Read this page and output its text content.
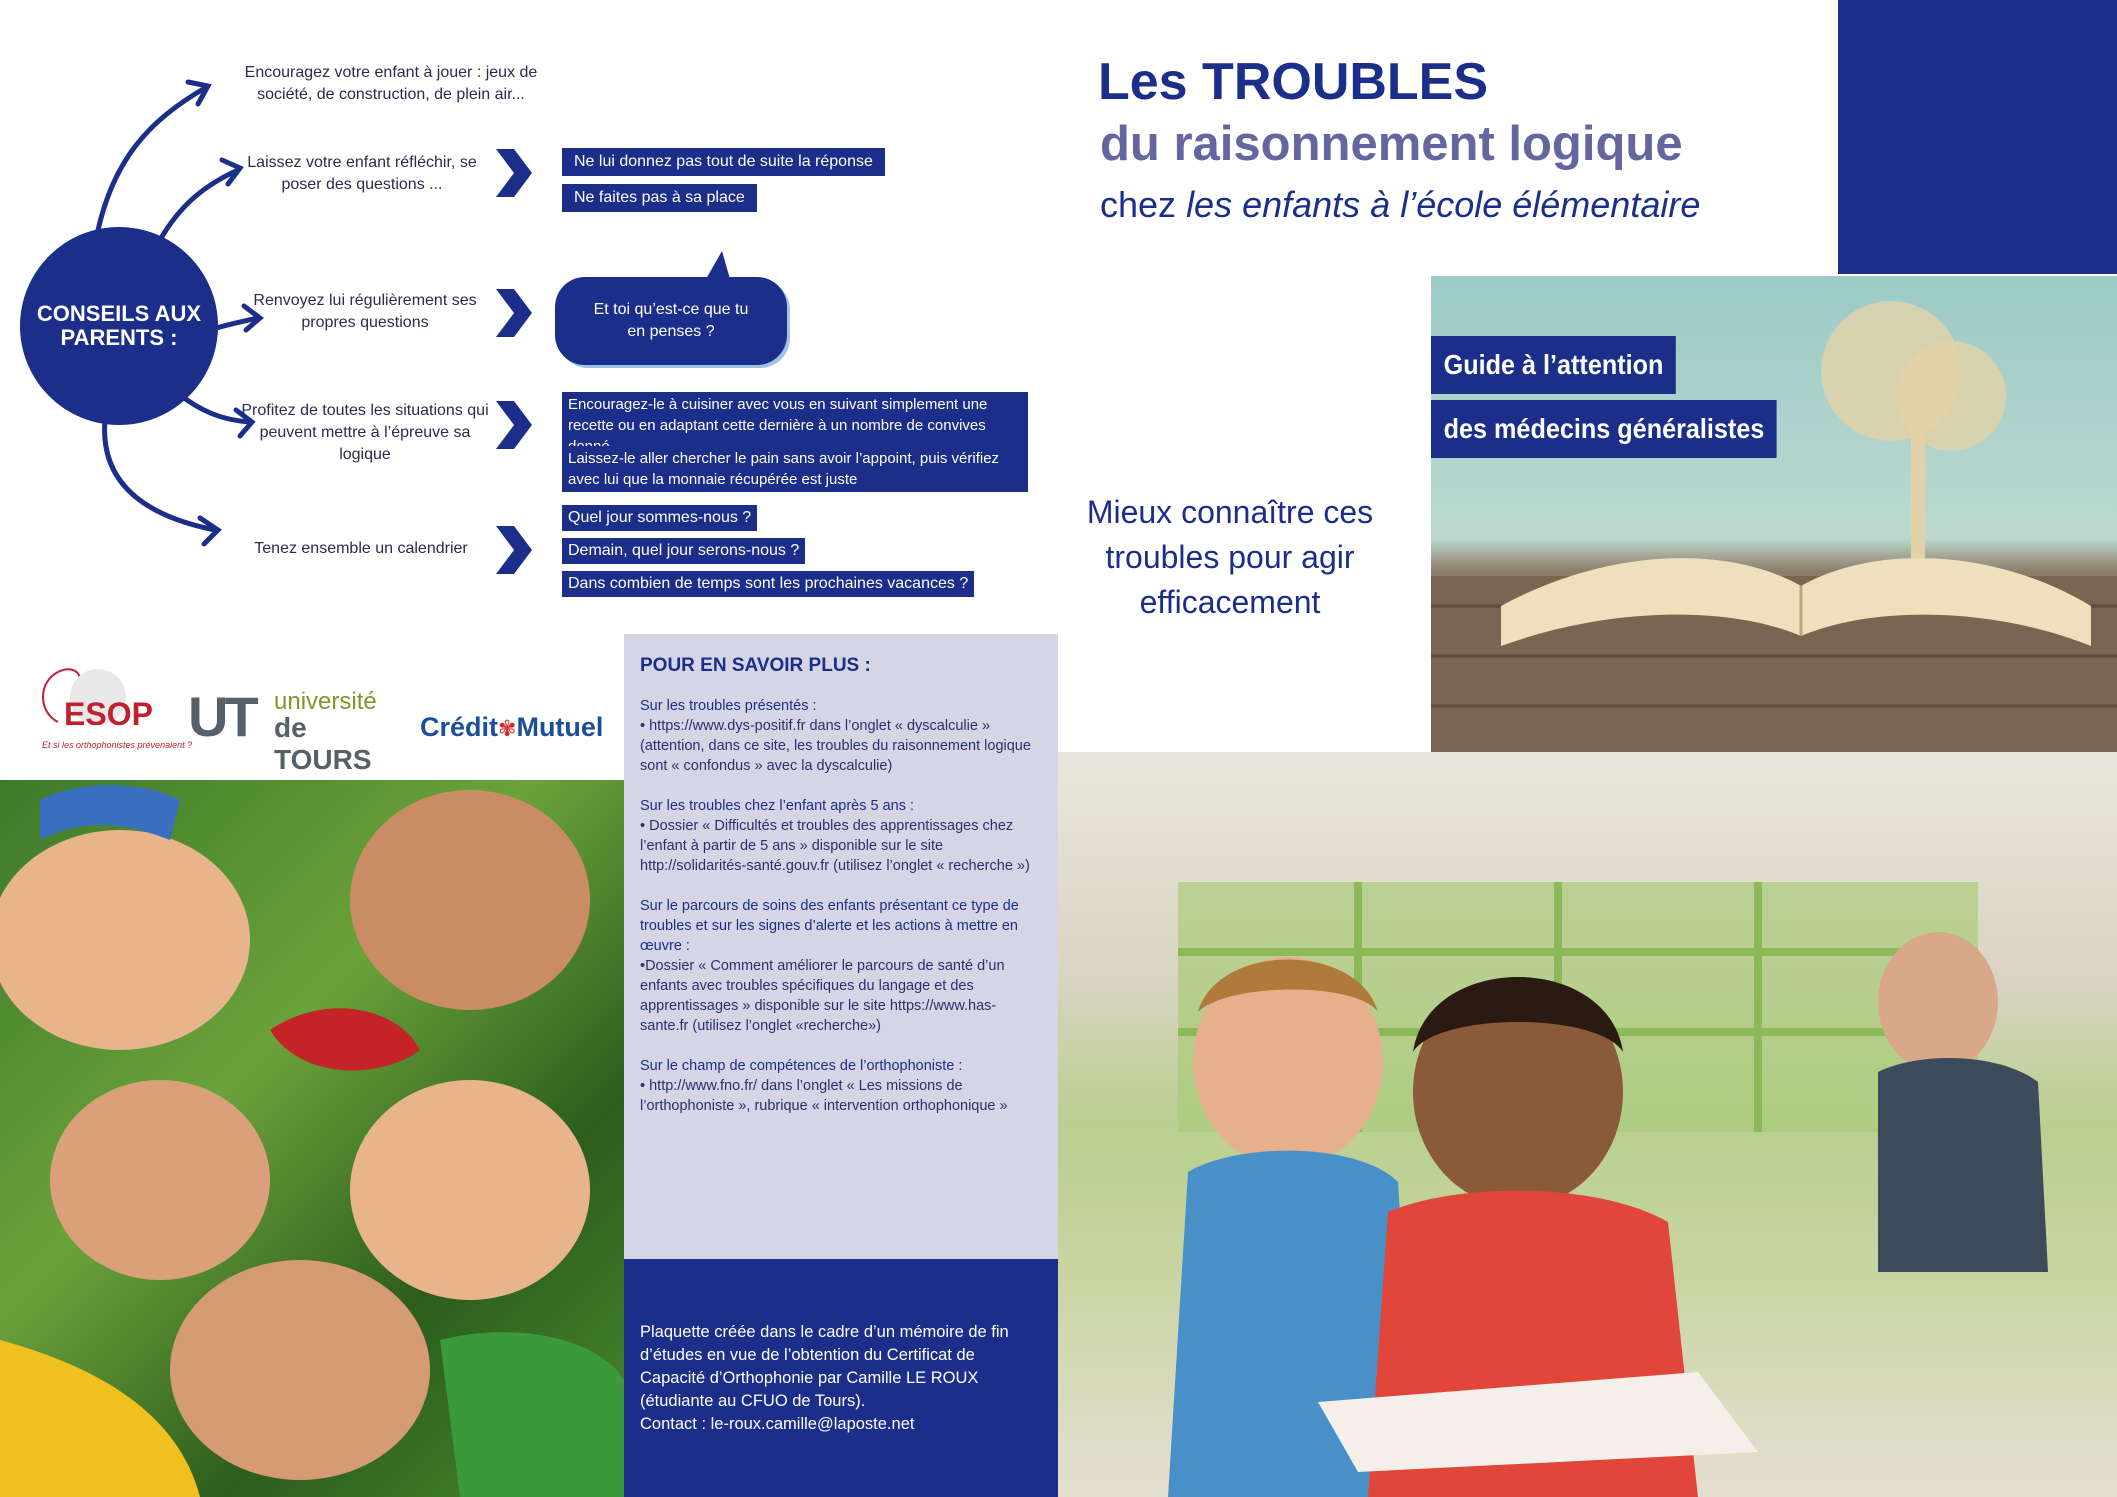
CONSEILS AUX PARENTS :
Encouragez votre enfant à jouer : jeux de société, de construction, de plein air...
Laissez votre enfant réfléchir, se poser des questions ...
Renvoyez lui régulièrement ses propres questions
Profitez de toutes les situations qui peuvent mettre à l’épreuve sa logique
Tenez ensemble un calendrier
Ne lui donnez pas tout de suite la réponse
Ne faites pas à sa place
Et toi qu’est-ce que tu en penses ?
Encouragez-le à cuisiner avec vous en suivant simplement une recette ou en adaptant cette dernière à un nombre de convives
Laissez-le aller chercher le pain sans avoir l’appoint, puis vérifiez avec lui que la monnaie récupérée est juste
Quel jour sommes-nous ?
Demain, quel jour serons-nous ?
Dans combien de temps sont les prochaines vacances ?
ESOP
Et si les orthophonistes prévenaient ?
UT université
de TOURS
Crédit✾Mutuel
POUR EN SAVOIR PLUS :
Sur les troubles présentés :

• https://www.dys-positif.fr dans l’onglet « dyscalculie » (attention, dans ce site, les troubles du raisonnement logique sont « confondus » avec la dyscalculie)

Sur les troubles chez l’enfant après 5 ans :

• Dossier « Difficultés et troubles des apprentissages chez l’enfant à partir de 5 ans » disponible sur le site http://solidarités-santé.gouv.fr (utilisez l’onglet « recherche »)

Sur le parcours de soins des enfants présentant ce type de troubles et sur les signes d’alerte et les actions à mettre en œuvre :

•Dossier « Comment améliorer le parcours de santé d’un enfants avec troubles spécifiques du langage et des apprentissages » disponible sur le site https://www.has-sante.fr (utilisez l’onglet «recherche»)

Sur le champ de compétences de l’orthophoniste :

• http://www.fno.fr/ dans l’onglet « Les missions de l’orthophoniste », rubrique « intervention orthophonique »

Plaquette créée dans le cadre d’un mémoire de fin d’études en vue de l’obtention du Certificat de Capacité d’Orthophonie par Camille LE ROUX (étudiante au CFUO de Tours).
Contact : le-roux.camille@laposte.net
Les TROUBLES
du raisonnement logique
chez les enfants à l’école élémentaire
Guide à l’attention
des médecins généralistes
Mieux connaître ces troubles pour agir efficacement
